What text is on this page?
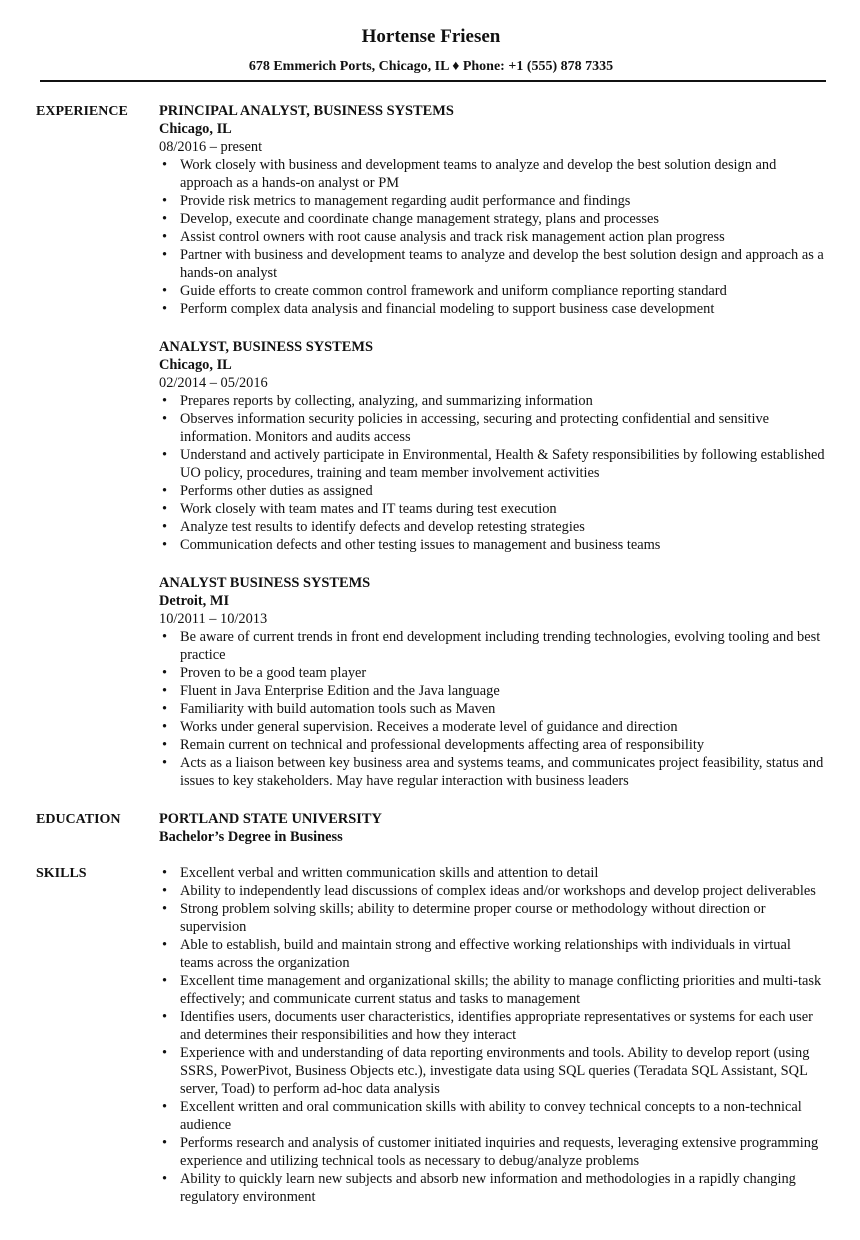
Hortense Friesen
678 Emmerich Ports, Chicago, IL ♦ Phone: +1 (555) 878 7335
EXPERIENCE	PRINCIPAL ANALYST, BUSINESS SYSTEMS
Chicago, IL
08/2016 – present
• Work closely with business and development teams to analyze and develop the best solution design and approach as a hands-on analyst or PM
• Provide risk metrics to management regarding audit performance and findings
• Develop, execute and coordinate change management strategy, plans and processes
• Assist control owners with root cause analysis and track risk management action plan progress
• Partner with business and development teams to analyze and develop the best solution design and approach as a hands-on analyst
• Guide efforts to create common control framework and uniform compliance reporting standard
• Perform complex data analysis and financial modeling to support business case development
ANALYST, BUSINESS SYSTEMS
Chicago, IL
02/2014 – 05/2016
• Prepares reports by collecting, analyzing, and summarizing information
• Observes information security policies in accessing, securing and protecting confidential and sensitive information. Monitors and audits access
• Understand and actively participate in Environmental, Health & Safety responsibilities by following established UO policy, procedures, training and team member involvement activities
• Performs other duties as assigned
• Work closely with team mates and IT teams during test execution
• Analyze test results to identify defects and develop retesting strategies
• Communication defects and other testing issues to management and business teams
ANALYST BUSINESS SYSTEMS
Detroit, MI
10/2011 – 10/2013
• Be aware of current trends in front end development including trending technologies, evolving tooling and best practice
• Proven to be a good team player
• Fluent in Java Enterprise Edition and the Java language
• Familiarity with build automation tools such as Maven
• Works under general supervision. Receives a moderate level of guidance and direction
• Remain current on technical and professional developments affecting area of responsibility
• Acts as a liaison between key business area and systems teams, and communicates project feasibility, status and issues to key stakeholders. May have regular interaction with business leaders
EDUCATION	PORTLAND STATE UNIVERSITY
Bachelor’s Degree in Business
SKILLS
•	Excellent verbal and written communication skills and attention to detail
• Ability to independently lead discussions of complex ideas and/or workshops and develop project deliverables
• Strong problem solving skills; ability to determine proper course or methodology without direction or supervision
• Able to establish, build and maintain strong and effective working relationships with individuals in virtual teams across the organization
• Excellent time management and organizational skills; the ability to manage conflicting priorities and multi-task effectively; and communicate current status and tasks to management
• Identifies users, documents user characteristics, identifies appropriate representatives or systems for each user and determines their responsibilities and how they interact
• Experience with and understanding of data reporting environments and tools. Ability to develop report (using SSRS, PowerPivot, Business Objects etc.), investigate data using SQL queries (Teradata SQL Assistant, SQL server, Toad) to perform ad-hoc data analysis
• Excellent written and oral communication skills with ability to convey technical concepts to a non-technical audience
• Performs research and analysis of customer initiated inquiries and requests, leveraging extensive programming experience and utilizing technical tools as necessary to debug/analyze problems
• Ability to quickly learn new subjects and absorb new information and methodologies in a rapidly changing regulatory environment
